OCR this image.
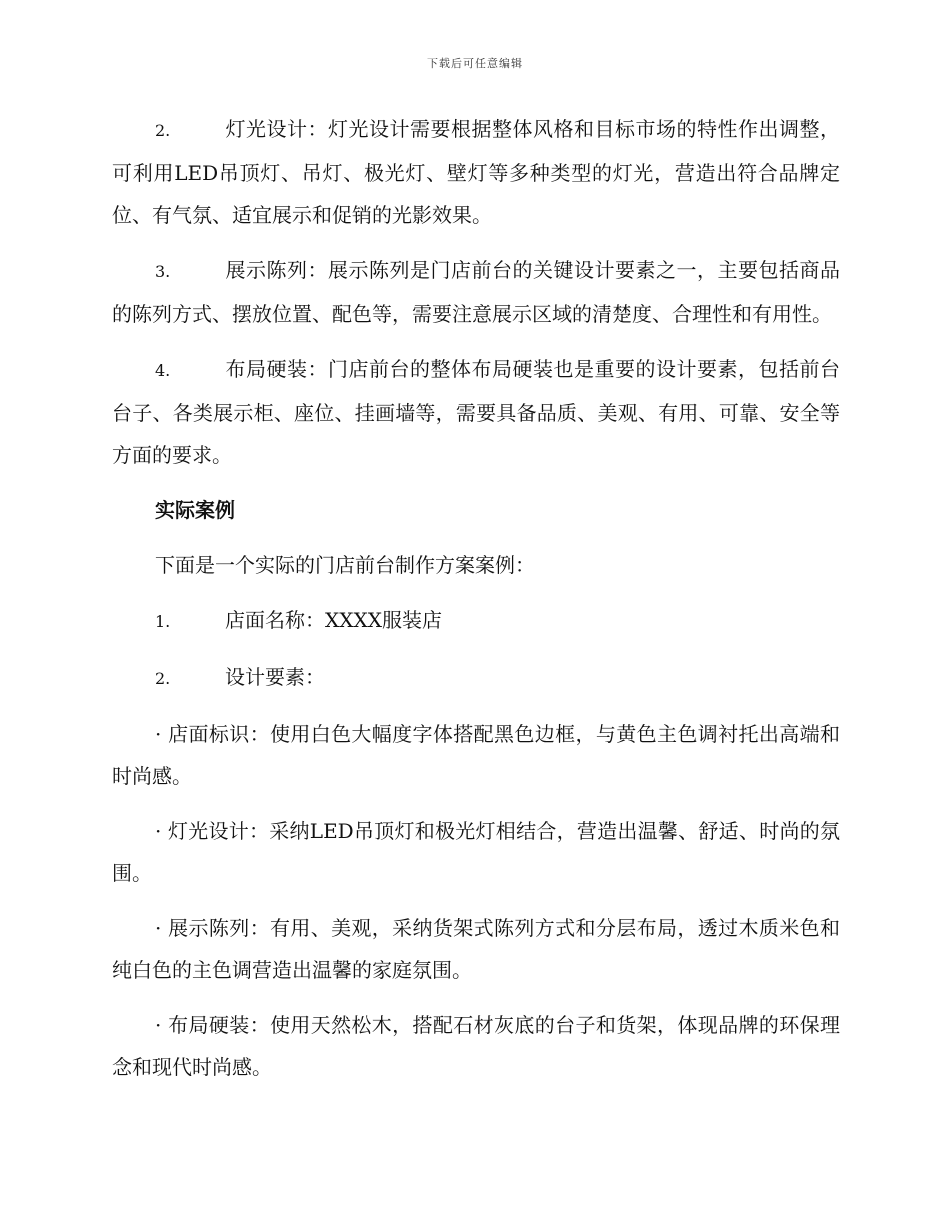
下载后可任意编辑

2.	灯光设计：灯光设计需要根据整体风格和目标市场的特性作出调整，可利用LED吊顶灯、吊灯、极光灯、壁灯等多种类型的灯光，营造出符合品牌定位、有气氛、适宜展示和促销的光影效果。

3.	展示陈列：展示陈列是门店前台的关键设计要素之一，主要包括商品的陈列方式、摆放位置、配色等，需要注意展示区域的清楚度、合理性和有用性。

4.	布局硬装：门店前台的整体布局硬装也是重要的设计要素，包括前台台子、各类展示柜、座位、挂画墙等，需要具备品质、美观、有用、可靠、安全等方面的要求。

实际案例

下面是一个实际的门店前台制作方案案例：

1.	店面名称：XXXX服装店

2.	设计要素：

· 店面标识：使用白色大幅度字体搭配黑色边框，与黄色主色调衬托出高端和时尚感。

· 灯光设计：采纳LED吊顶灯和极光灯相结合，营造出温馨、舒适、时尚的氛围。

· 展示陈列：有用、美观，采纳货架式陈列方式和分层布局，透过木质米色和纯白色的主色调营造出温馨的家庭氛围。

· 布局硬装：使用天然松木，搭配石材灰底的台子和货架，体现品牌的环保理念和现代时尚感。
